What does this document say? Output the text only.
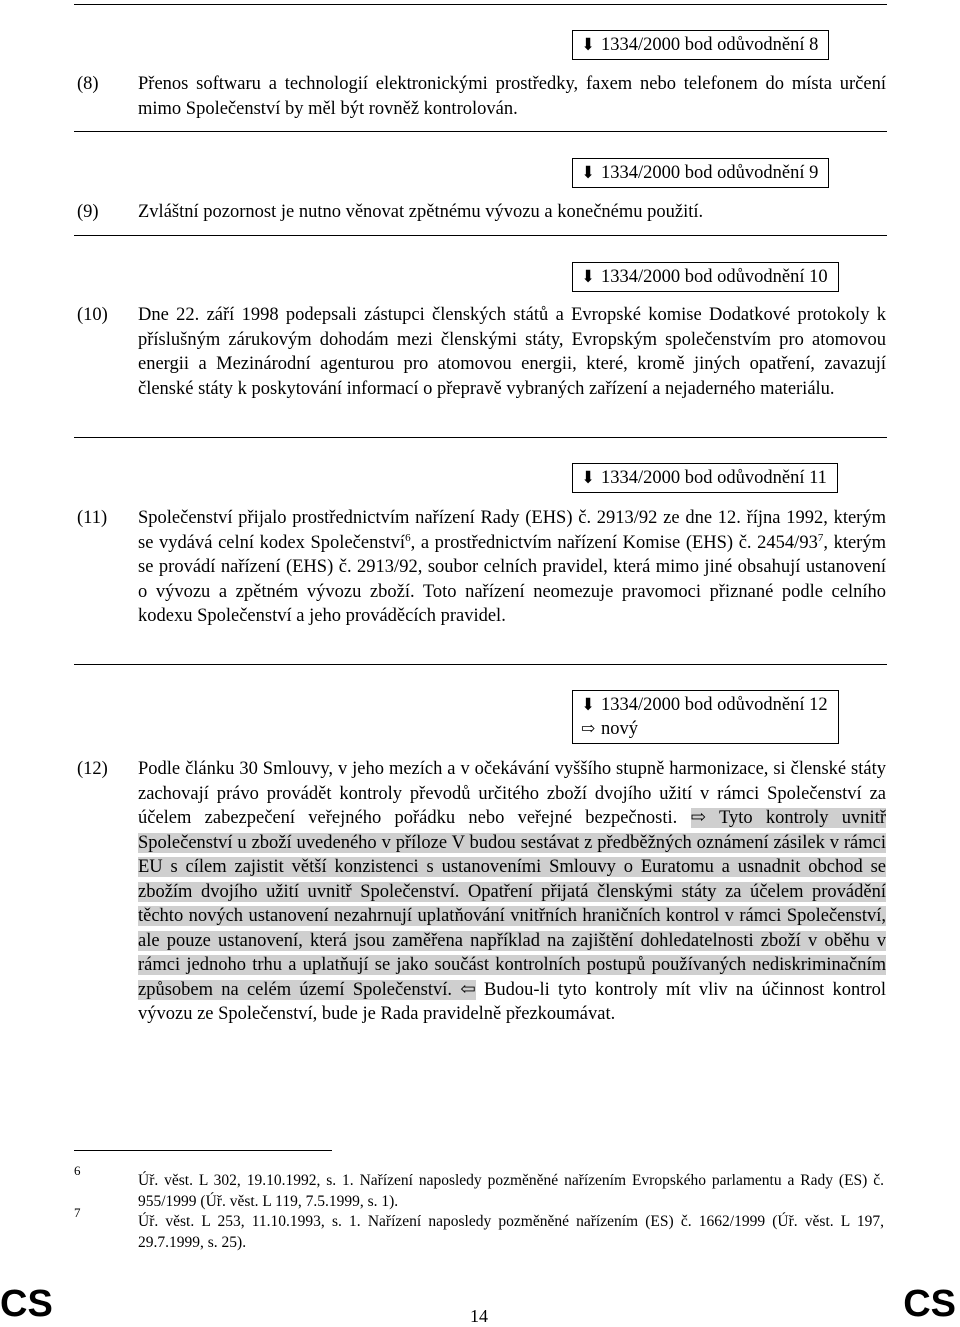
⬇ 1334/2000 bod odůvodnění 8
(8) Přenos softwaru a technologií elektronickými prostředky, faxem nebo telefonem do místa určení mimo Společenství by měl být rovněž kontrolován.

⬇ 1334/2000 bod odůvodnění 9
(9) Zvláštní pozornost je nutno věnovat zpětnému vývozu a konečnému použití.

⬇ 1334/2000 bod odůvodnění 10
(10) Dne 22. září 1998 podepsali zástupci členských států a Evropské komise Dodatkové protokoly k příslušným zárukovým dohodám mezi členskými státy, Evropským společenstvím pro atomovou energii a Mezinárodní agenturou pro atomovou energii, které, kromě jiných opatření, zavazují členské státy k poskytování informací o přepravě vybraných zařízení a nejaderného materiálu.

⬇ 1334/2000 bod odůvodnění 11
(11) Společenství přijalo prostřednictvím nařízení Rady (EHS) č. 2913/92 ze dne 12. října 1992, kterým se vydává celní kodex Společenství$^6$, a prostřednictvím nařízení Komise (EHS) č. $2454/93^7$, kterým se provádí nařízení (EHS) č. 2913/92, soubor celních pravidel, která mimo jiné obsahují ustanovení o vývozu a zpětném vývozu zboží. Toto nařízení neomezuje pravomoci přiznané podle celního kodexu Společenství a jeho prováděcích pravidel.

⬇ 1334/2000 bod odůvodnění 12
⇨ nový
(12) Podle článku 30 Smlouvy, v jeho mezích a v očekávání vyššího stupně harmonizace, si členské státy zachovají právo provádět kontroly převodů určitého zboží dvojího užití v rámci Společenství za účelem zabezpečení veřejného pořádku nebo veřejné bezpečnosti. ⇨ Tyto kontroly uvnitř Společenství u zboží uvedeného v příloze V budou sestávat z předběžných oznámení zásilek v rámci EU s cílem zajistit větší konzistenci s ustanoveními Smlouvy o Euratomu a usnadnit obchod se zbožím dvojího užití uvnitř Společenství. Opatření přijatá členskými státy za účelem provádění těchto nových ustanovení nezahrnují uplatňování vnitřních hraničních kontrol v rámci Společenství, ale pouze ustanovení, která jsou zaměřena například na zajištění dohledatelnosti zboží v oběhu v rámci jednoho trhu a uplatňují se jako součást kontrolních postupů používaných nediskriminačním způsobem na celém území Společenství. ⇦ Budou-li tyto kontroly mít vliv na účinnost kontrol vývozu ze Společenství, bude je Rada pravidelně přezkoumávat.

6

Úř. věst. L 302, 19.10.1992, s. 1. Nařízení naposledy pozměněné nařízením Evropského parlamentu a Rady (ES) č. 955/1999 (Úř. věst. L 119, 7.5.1999, s. 1).

7

Úř. věst. L 253, 11.10.1993, s. 1. Nařízení naposledy pozměněné nařízením (ES) č. 1662/1999 (Úř. věst. L 197, 29.7.1999, s. 25).

CS	14	CS
